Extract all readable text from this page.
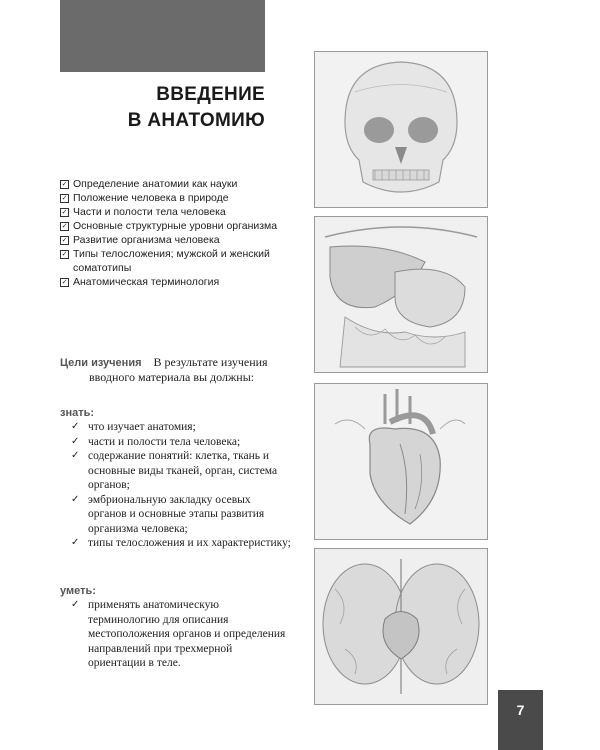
ВВЕДЕНИЕ
В АНАТОМИЮ
✓ Определение анатомии как науки
✓ Положение человека в природе
✓ Части и полости тела человека
✓ Основные структурные уровни организма
✓ Развитие организма человека
✓ Типы телосложения; мужской и женский соматотипы
✓ Анатомическая терминология
Цели изучения В результате изучения
вводного материала вы должны:
знать:
✓ что изучает анатомия;
✓ части и полости тела человека;
✓ содержание понятий: клетка, ткань и основные виды тканей, орган, система органов;
✓ эмбриональную закладку осевых органов и основные этапы развития организма человека;
✓ типы телосложения и их характеристику;
уметь:
✓ применять анатомическую терминологию для описания местоположения органов и определения направлений при трехмерной ориентации в теле.
7
